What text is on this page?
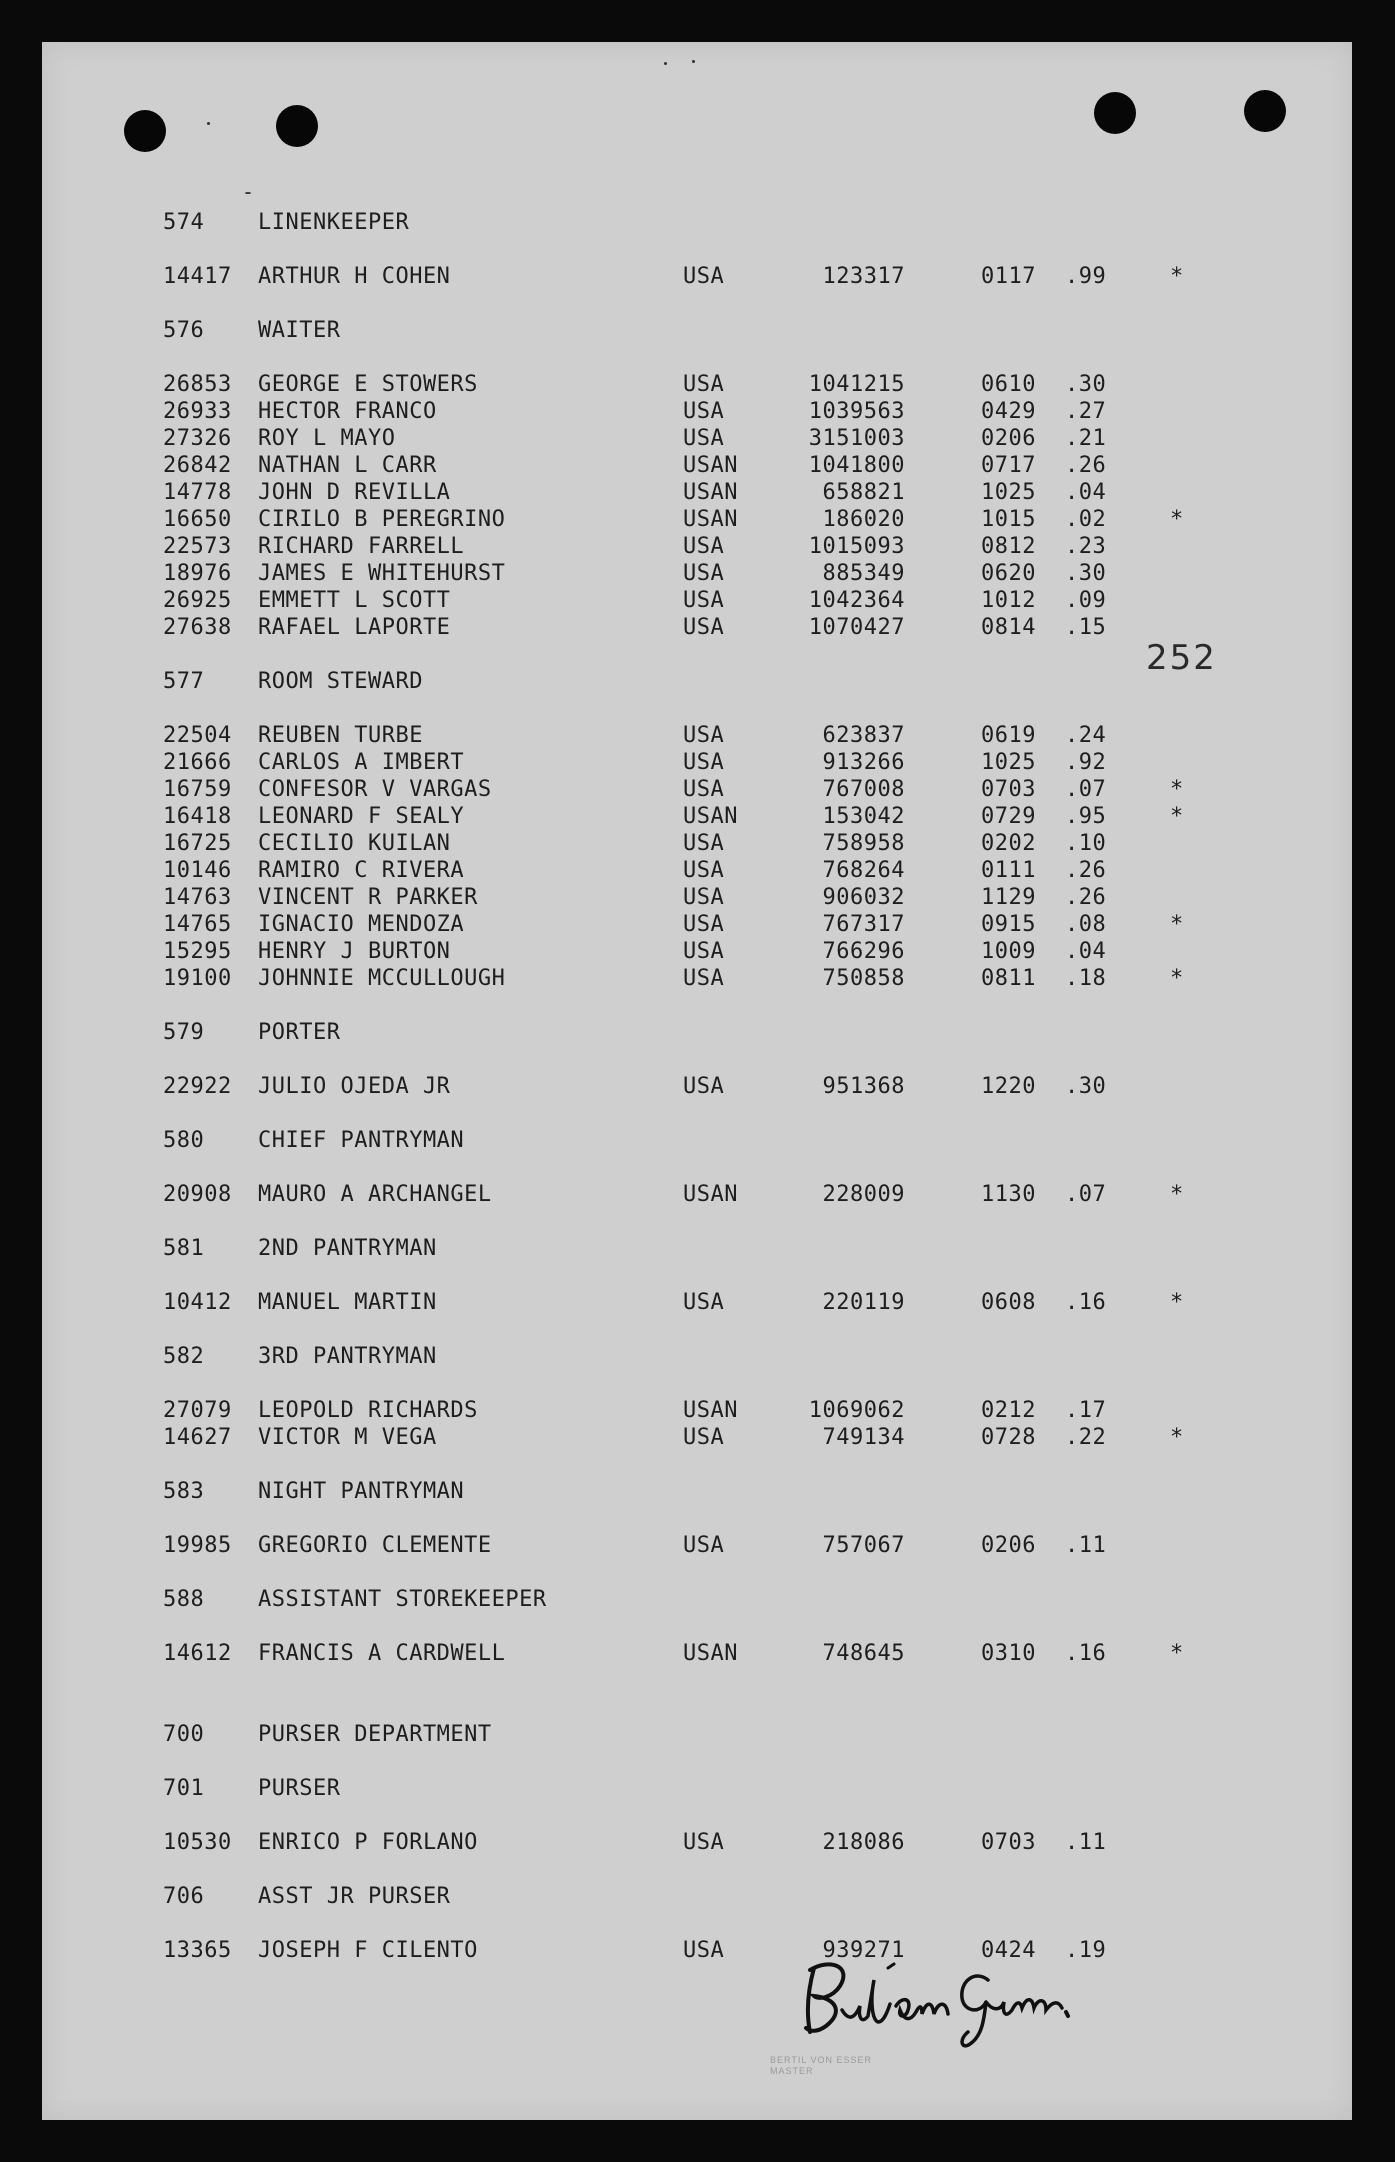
574 LINENKEEPER
14417 ARTHUR H COHEN	USA	123317	0117 .99	*
576 WAITER
26853 GEORGE E STOWERS	USA	1041215	0610 .30
26933 HECTOR FRANCO	USA	1039563	0429 .27
27326 ROY L MAYO	USA	3151003	0206 .21
26842 NATHAN L CARR	USAN	1041800	0717 .26
14778 JOHN D REVILLA	USAN	658821	1025 .04
16650 CIRILO B PEREGRINO	USAN	186020	1015 .02	*
22573 RICHARD FARRELL	USA	1015093	0812 .23
18976 JAMES E WHITEHURST	USA	885349	0620 .30
26925 EMMETT L SCOTT	USA	1042364	1012 .09
27638 RAFAEL LAPORTE	USA	1070427	0814 .15
577 ROOM STEWARD
22504 REUBEN TURBE	USA	623837	0619 .24
21666 CARLOS A IMBERT	USA	913266	1025 .92
16759 CONFESOR V VARGAS	USA	767008	0703 .07	*
16418 LEONARD F SEALY	USAN	153042	0729 .95	*
16725 CECILIO KUILAN	USA	758958	0202 .10
10146 RAMIRO C RIVERA	USA	768264	0111 .26
14763 VINCENT R PARKER	USA	906032	1129 .26
14765 IGNACIO MENDOZA	USA	767317	0915 .08	*
15295 HENRY J BURTON	USA	766296	1009 .04
19100 JOHNNIE MCCULLOUGH	USA	750858	0811 .18	*
579 PORTER
22922 JULIO OJEDA JR	USA	951368	1220 .30
580 CHIEF PANTRYMAN
20908 MAURO A ARCHANGEL	USAN	228009	1130 .07	*
581 2ND PANTRYMAN
10412 MANUEL MARTIN	USA	220119	0608 .16	*
582 3RD PANTRYMAN
27079 LEOPOLD RICHARDS	USAN	1069062	0212 .17
14627 VICTOR M VEGA	USA	749134	0728 .22	*
583 NIGHT PANTRYMAN
19985 GREGORIO CLEMENTE	USA	757067	0206 .11
588 ASSISTANT STOREKEEPER
14612 FRANCIS A CARDWELL	USAN	748645	0310 .16	*
700 PURSER DEPARTMENT
701 PURSER
10530 ENRICO P FORLANO	USA	218086	0703 .11
706 ASST JR PURSER
13365 JOSEPH F CILENTO	USA	939271	0424 .19
252
BERTIL VON ESSER
MASTER
